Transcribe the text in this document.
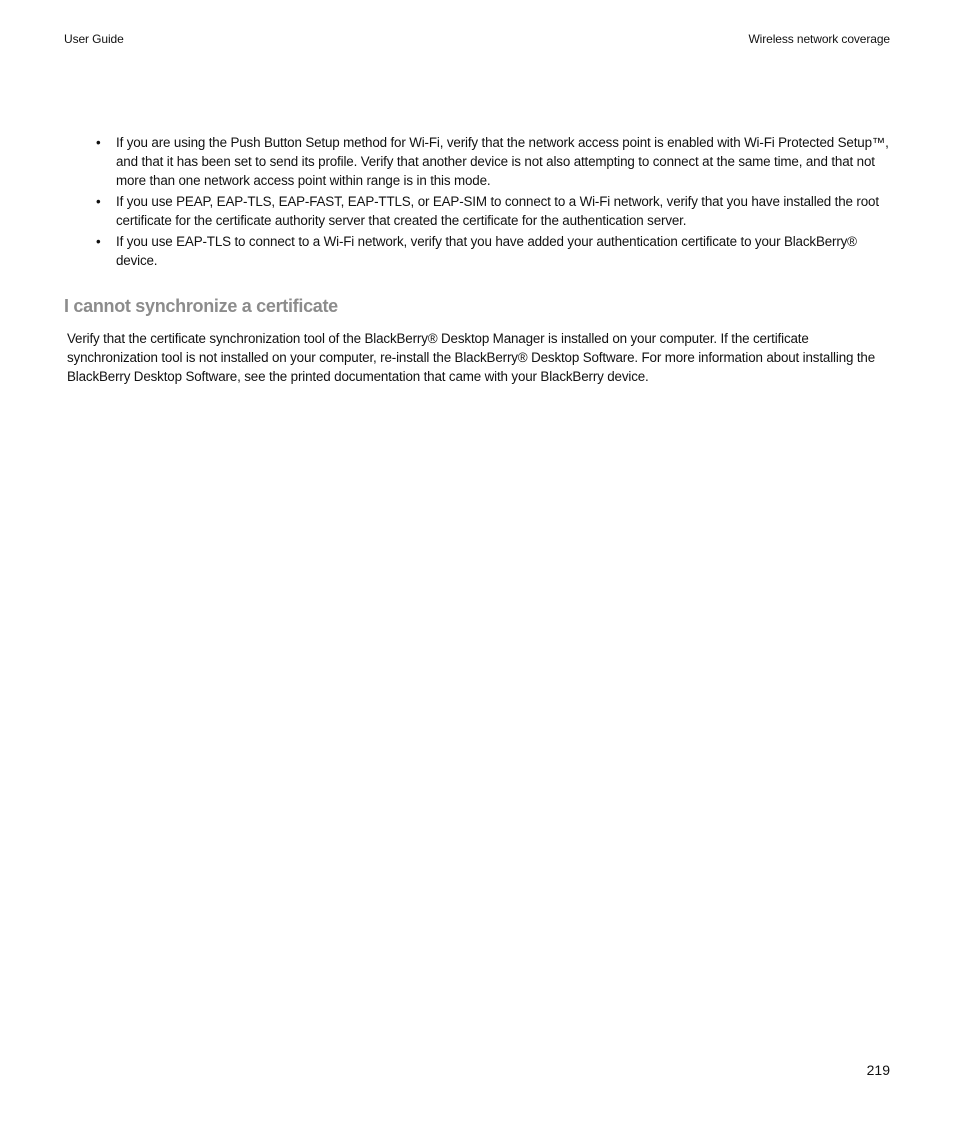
User Guide	Wireless network coverage
• If you are using the Push Button Setup method for Wi-Fi, verify that the network access point is enabled with Wi-Fi Protected Setup™, and that it has been set to send its profile. Verify that another device is not also attempting to connect at the same time, and that not more than one network access point within range is in this mode.
• If you use PEAP, EAP-TLS, EAP-FAST, EAP-TTLS, or EAP-SIM to connect to a Wi-Fi network, verify that you have installed the root certificate for the certificate authority server that created the certificate for the authentication server.
• If you use EAP-TLS to connect to a Wi-Fi network, verify that you have added your authentication certificate to your BlackBerry® device.
I cannot synchronize a certificate

Verify that the certificate synchronization tool of the BlackBerry® Desktop Manager is installed on your computer. If the certificate synchronization tool is not installed on your computer, re-install the BlackBerry® Desktop Software. For more information about installing the BlackBerry Desktop Software, see the printed documentation that came with your BlackBerry device.

219
